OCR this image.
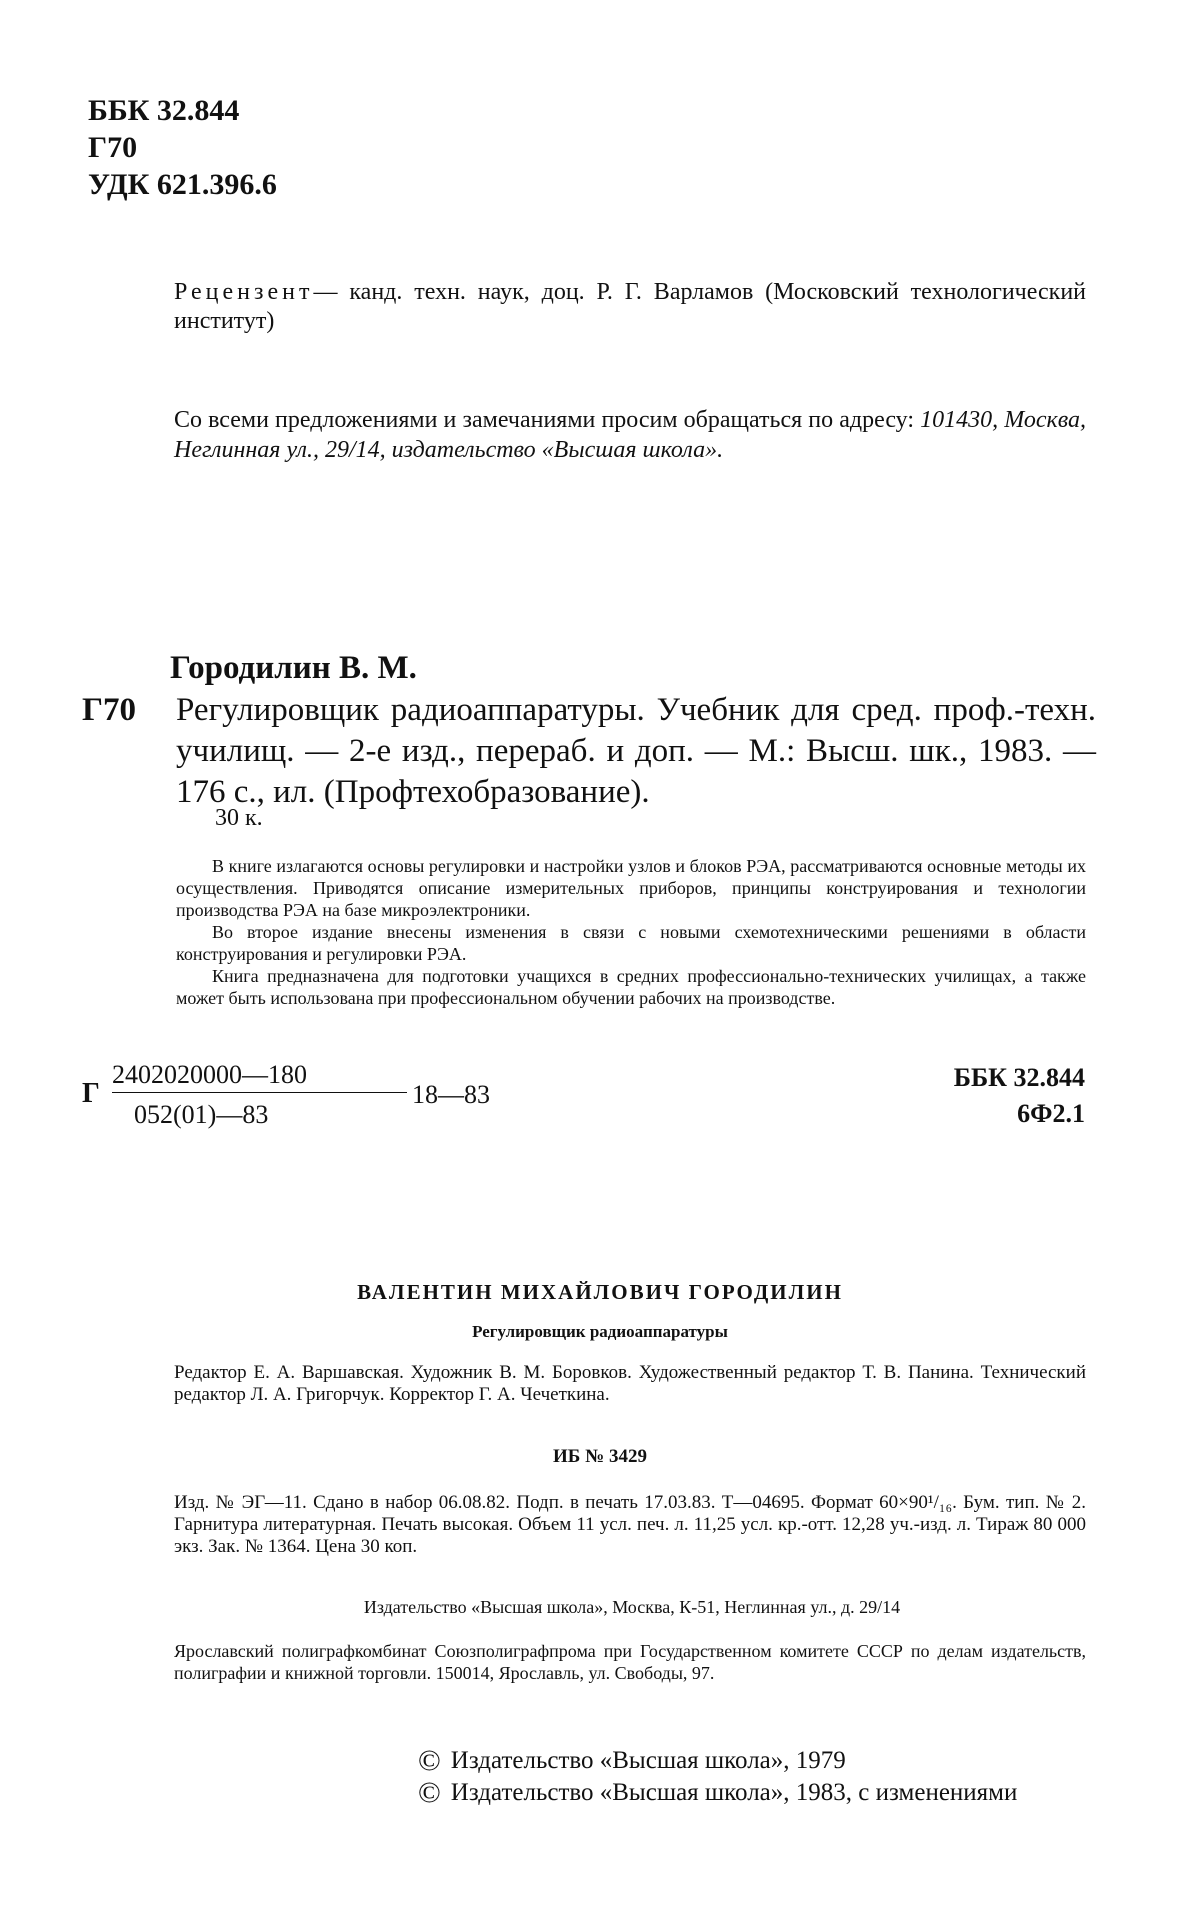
ББК 32.844
Г70
УДК 621.396.6
Рецензент— канд. техн. наук, доц. Р. Г. Варламов (Московский технологический институт)
Со всеми предложениями и замечаниями просим обращаться по адресу: 101430, Москва, Неглинная ул., 29/14, издательство «Высшая школа».
Городилин В. М.
Г70 Регулировщик радиоаппаратуры. Учебник для сред. проф.-техн. училищ. — 2-е изд., перераб. и доп. — М.: Высш. шк., 1983. — 176 с., ил. (Профтехобразование).
30 к.

В книге излагаются основы регулировки и настройки узлов и блоков РЭА, рассматриваются основные методы их осуществления. Приводятся описание измерительных приборов, принципы конструирования и технологии производства РЭА на базе микроэлектроники.

Во второе издание внесены изменения в связи с новыми схемотехническими решениями в области конструирования и регулировки РЭА.

Книга предназначена для подготовки учащихся в средних профессионально-технических училищах, а также может быть использована при профессиональном обучении рабочих на производстве.

Г
2402020000—180
052(01)—83
18—83
ББК 32.844
6Ф2.1
ВАЛЕНТИН МИХАЙЛОВИЧ ГОРОДИЛИН
Регулировщик радиоаппаратуры
Редактор Е. А. Варшавская. Художник В. М. Боровков. Художественный редактор Т. В. Панина. Технический редактор Л. А. Григорчук. Корректор Г. А. Чечеткина.
ИБ № 3429
Изд. № ЭГ—11. Сдано в набор 06.08.82. Подп. в печать 17.03.83. Т—04695. Формат 60×90¹/₁₆. Бум. тип. № 2. Гарнитура литературная. Печать высокая. Объем 11 усл. печ. л. 11,25 усл. кр.-отт. 12,28 уч.-изд. л. Тираж 80 000 экз. Зак. № 1364. Цена 30 коп.
Издательство «Высшая школа», Москва, К-51, Неглинная ул., д. 29/14
Ярославский полиграфкомбинат Союзполиграфпрома при Государственном комитете СССР по делам издательств, полиграфии и книжной торговли. 150014, Ярославль, ул. Свободы, 97.
© Издательство «Высшая школа», 1979
© Издательство «Высшая школа», 1983, с изменениями
